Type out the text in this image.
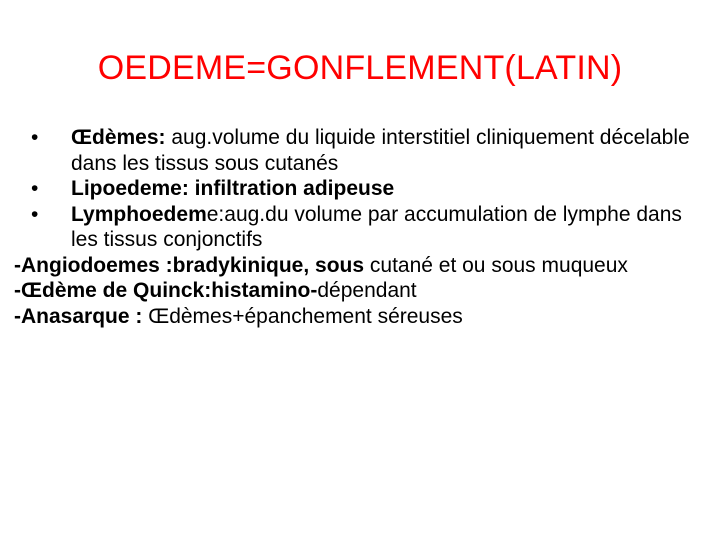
OEDEME=GONFLEMENT(LATIN)

• Œdèmes: aug.volume du liquide interstitiel cliniquement décelable dans les tissus sous cutanés

• Lipoedeme: infiltration adipeuse

• Lymphoedeme:aug.du volume par accumulation de lymphe dans les tissus conjonctifs

-Angiodoemes :bradykinique, sous cutané et ou sous muqueux

-Œdème de Quinck:histamino-dépendant

-Anasarque : Œdèmes+épanchement séreuses
